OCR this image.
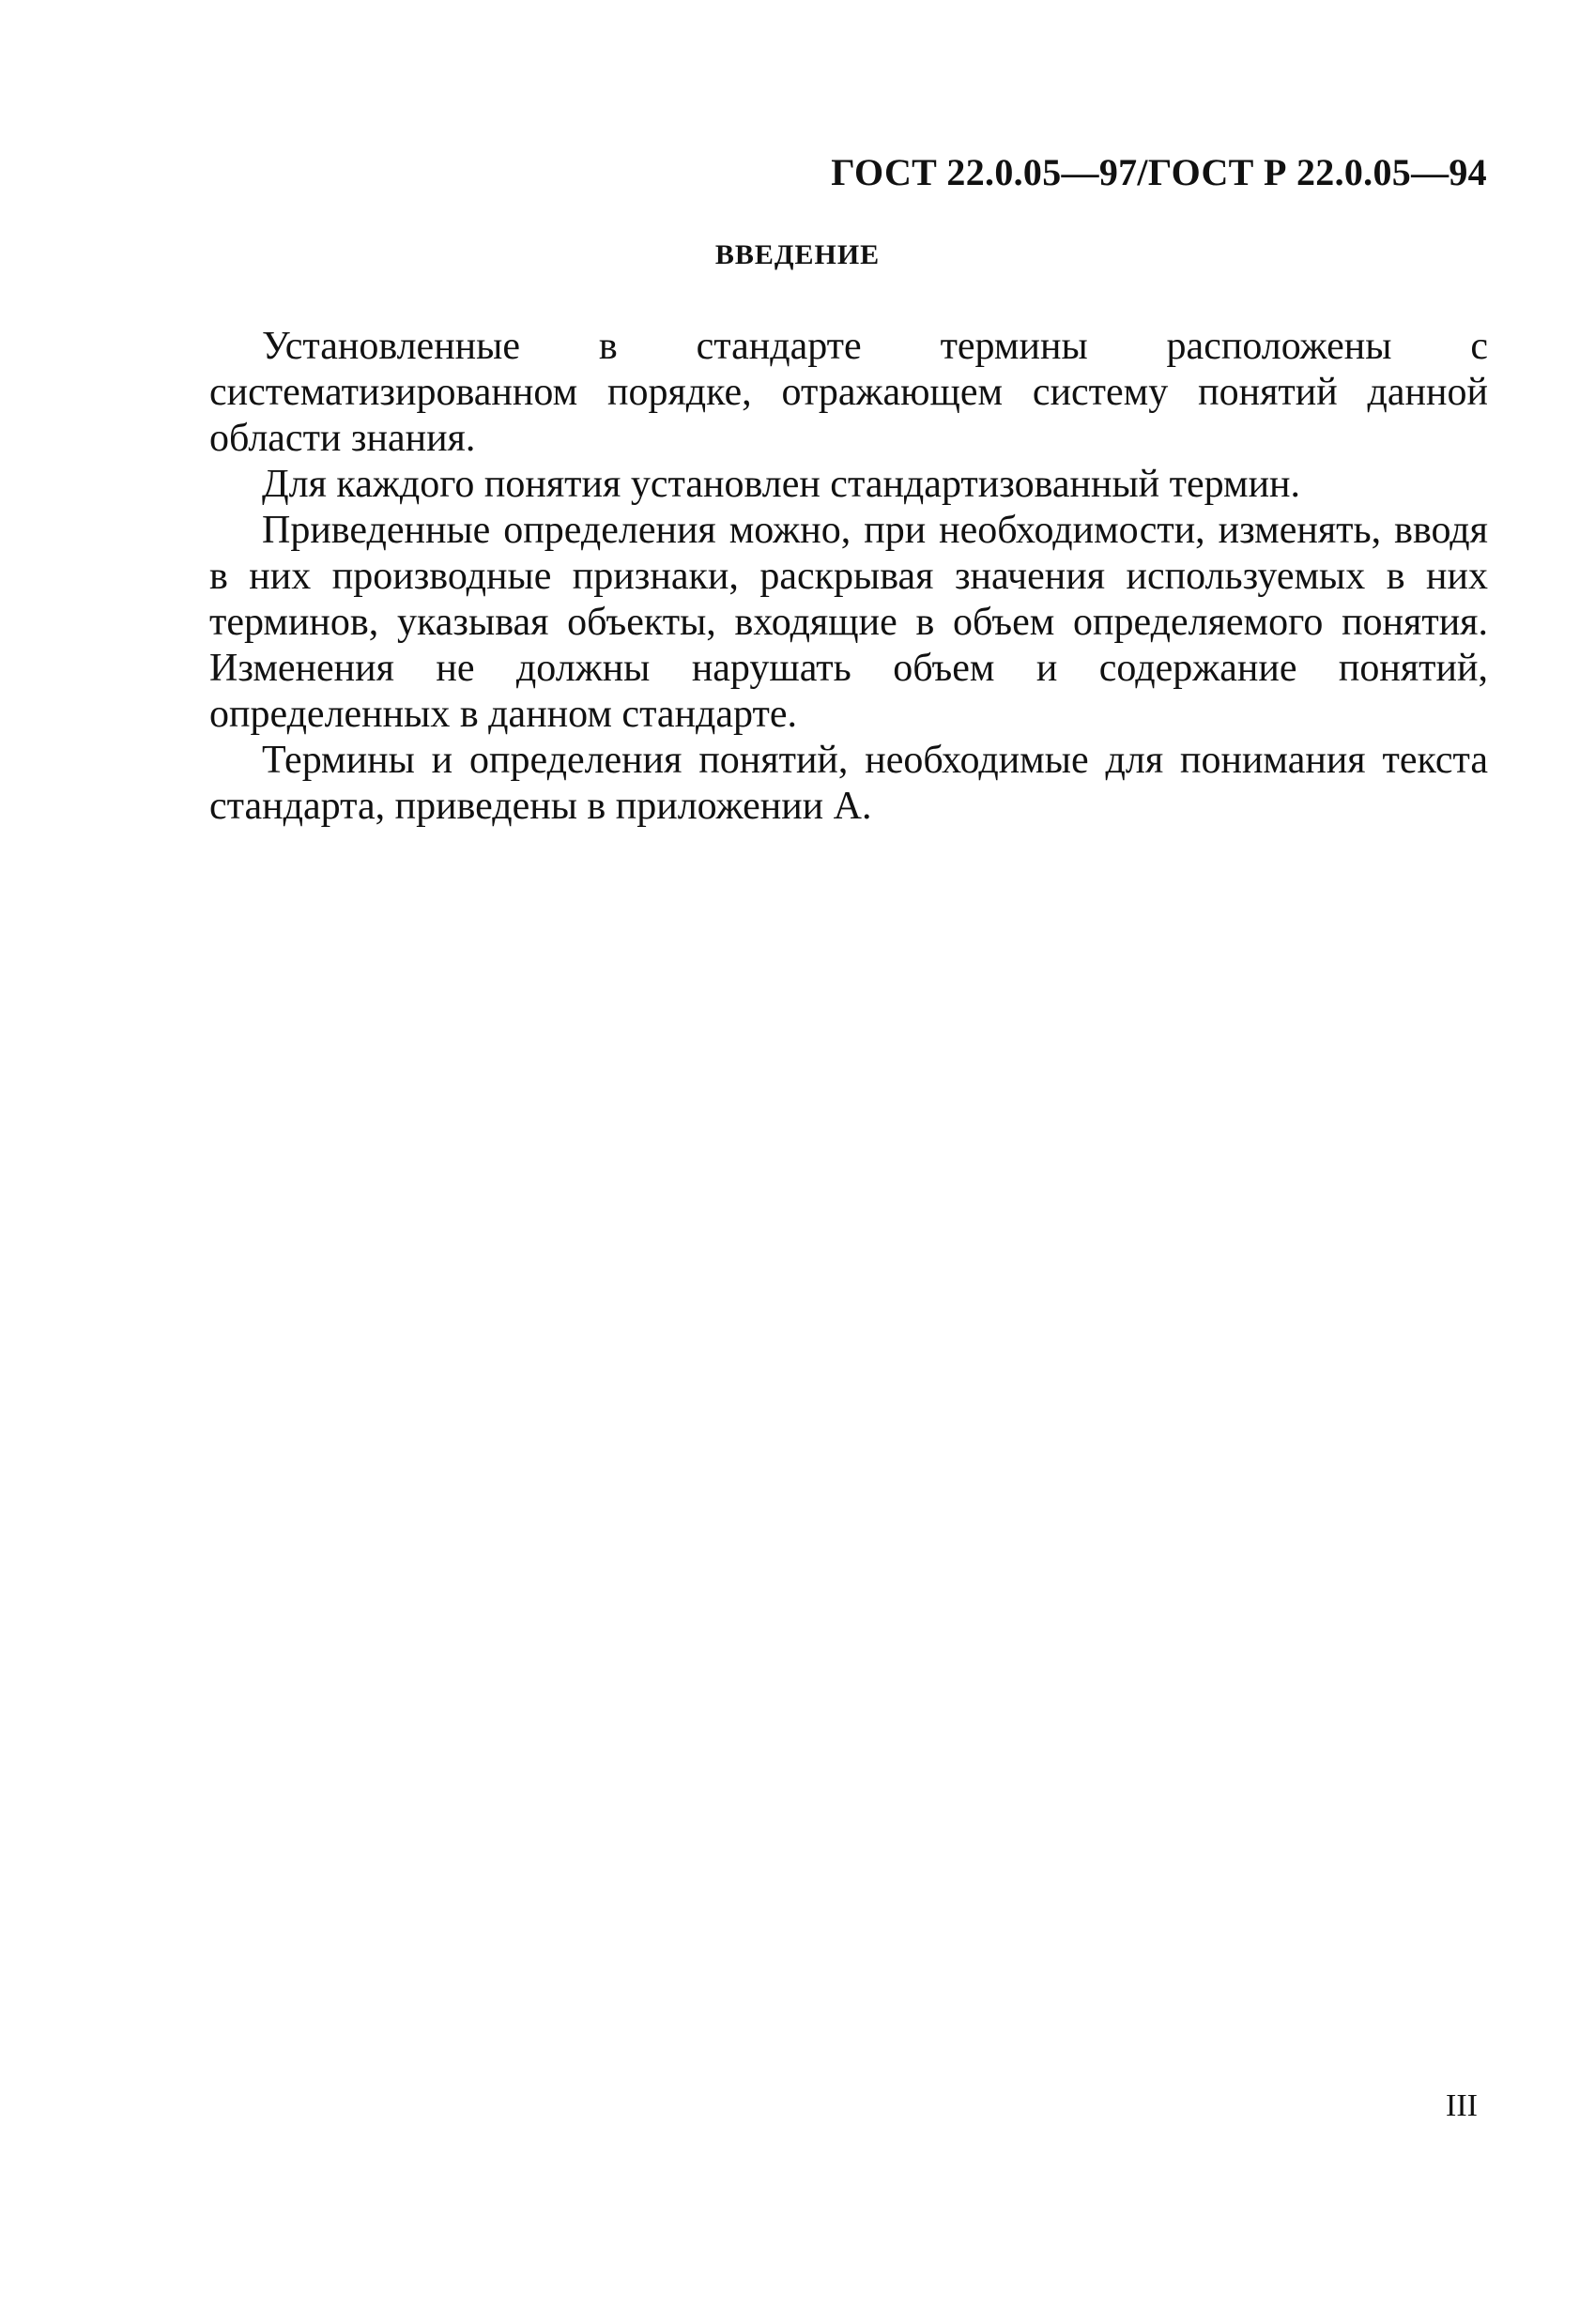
ГОСТ 22.0.05—97/ГОСТ Р 22.0.05—94
ВВЕДЕНИЕ

Установленные в стандарте термины расположены с систематизированном порядке, отражающем систему понятий данной области знания.

Для каждого понятия установлен стандартизованный термин.

Приведенные определения можно, при необходимости, изменять, вводя в них производные признаки, раскрывая значения используемых в них терминов, указывая объекты, входящие в объем определяемого понятия. Изменения не должны нарушать объем и содержание понятий, определенных в данном стандарте.

Термины и определения понятий, необходимые для понимания текста стандарта, приведены в приложении А.

III
